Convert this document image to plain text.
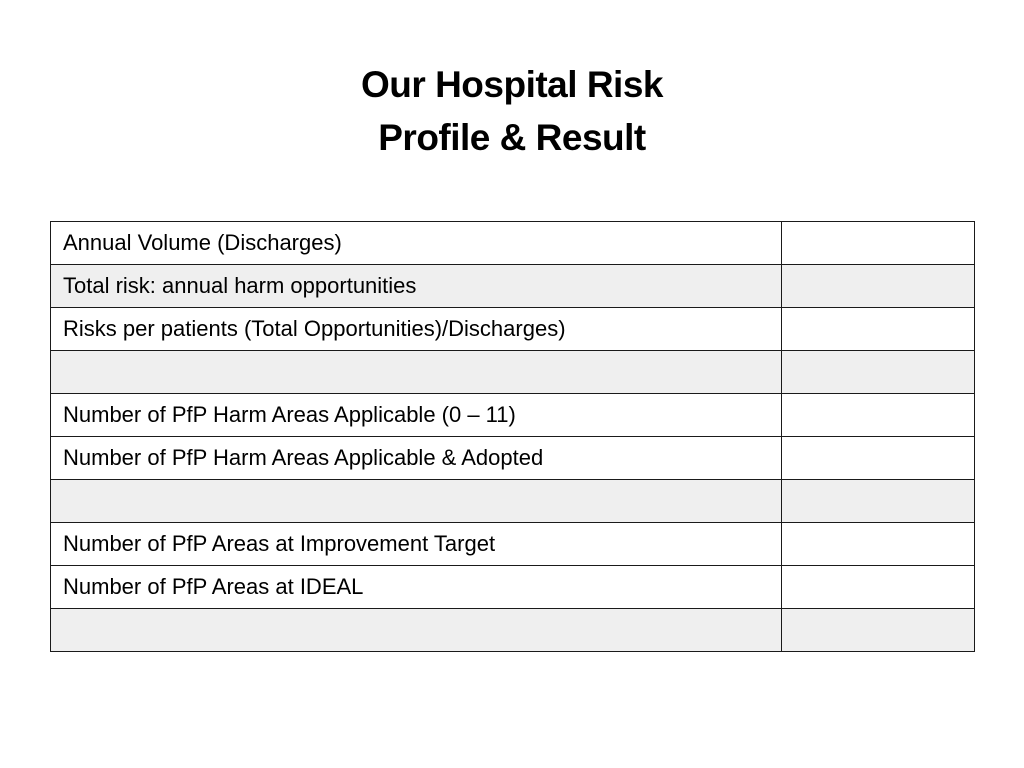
Our Hospital Risk
Profile & Result
Annual Volume (Discharges)	
Total risk: annual harm opportunities	
Risks per patients (Total Opportunities)/Discharges)	

Number of PfP Harm Areas Applicable (0 – 11)	
Number of PfP Harm Areas Applicable & Adopted	

Number of PfP Areas at Improvement Target	
Number of PfP Areas at IDEAL	
